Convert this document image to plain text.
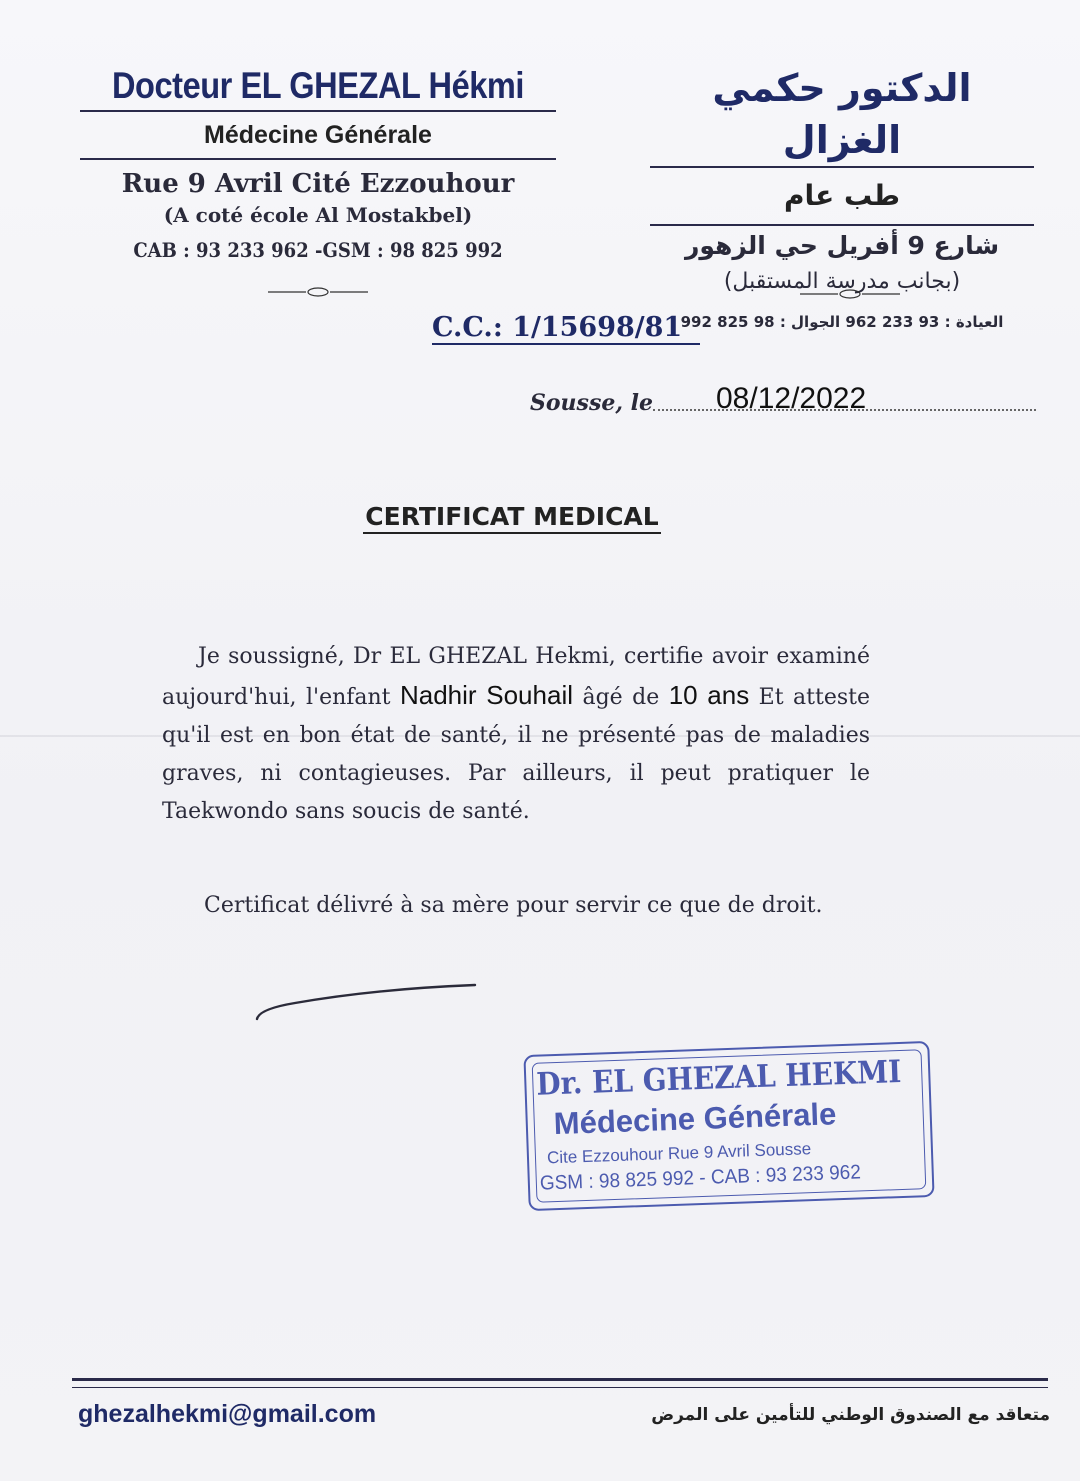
Docteur EL GHEZAL Hékmi
Médecine Générale
Rue 9 Avril Cité Ezzouhour
(A coté école Al Mostakbel)
CAB : 93 233 962 -GSM : 98 825 992
الدكتور حكمي الغزال
طب عام
شارع 9 أفريل حي الزهور
(بجانب مدرسة المستقبل)
العيادة : 93 233 962 الجوال : 98 825 992
C.C.: 1/15698/81
Sousse, le 08/12/2022
CERTIFICAT MEDICAL

Je soussigné, Dr EL GHEZAL Hekmi, certifie avoir examiné aujourd'hui, l'enfant Nadhir Souhail âgé de 10 ans Et atteste qu'il est en bon état de santé, il ne présenté pas de maladies graves, ni contagieuses. Par ailleurs, il peut pratiquer le Taekwondo sans soucis de santé.

Certificat délivré à sa mère pour servir ce que de droit.
Dr. EL GHEZAL HEKMI
Médecine Générale
Cite Ezzouhour Rue 9 Avril Sousse
GSM : 98 825 992 - CAB : 93 233 962
ghezalhekmi@gmail.com	متعاقد مع الصندوق الوطني للتأمين على المرض
